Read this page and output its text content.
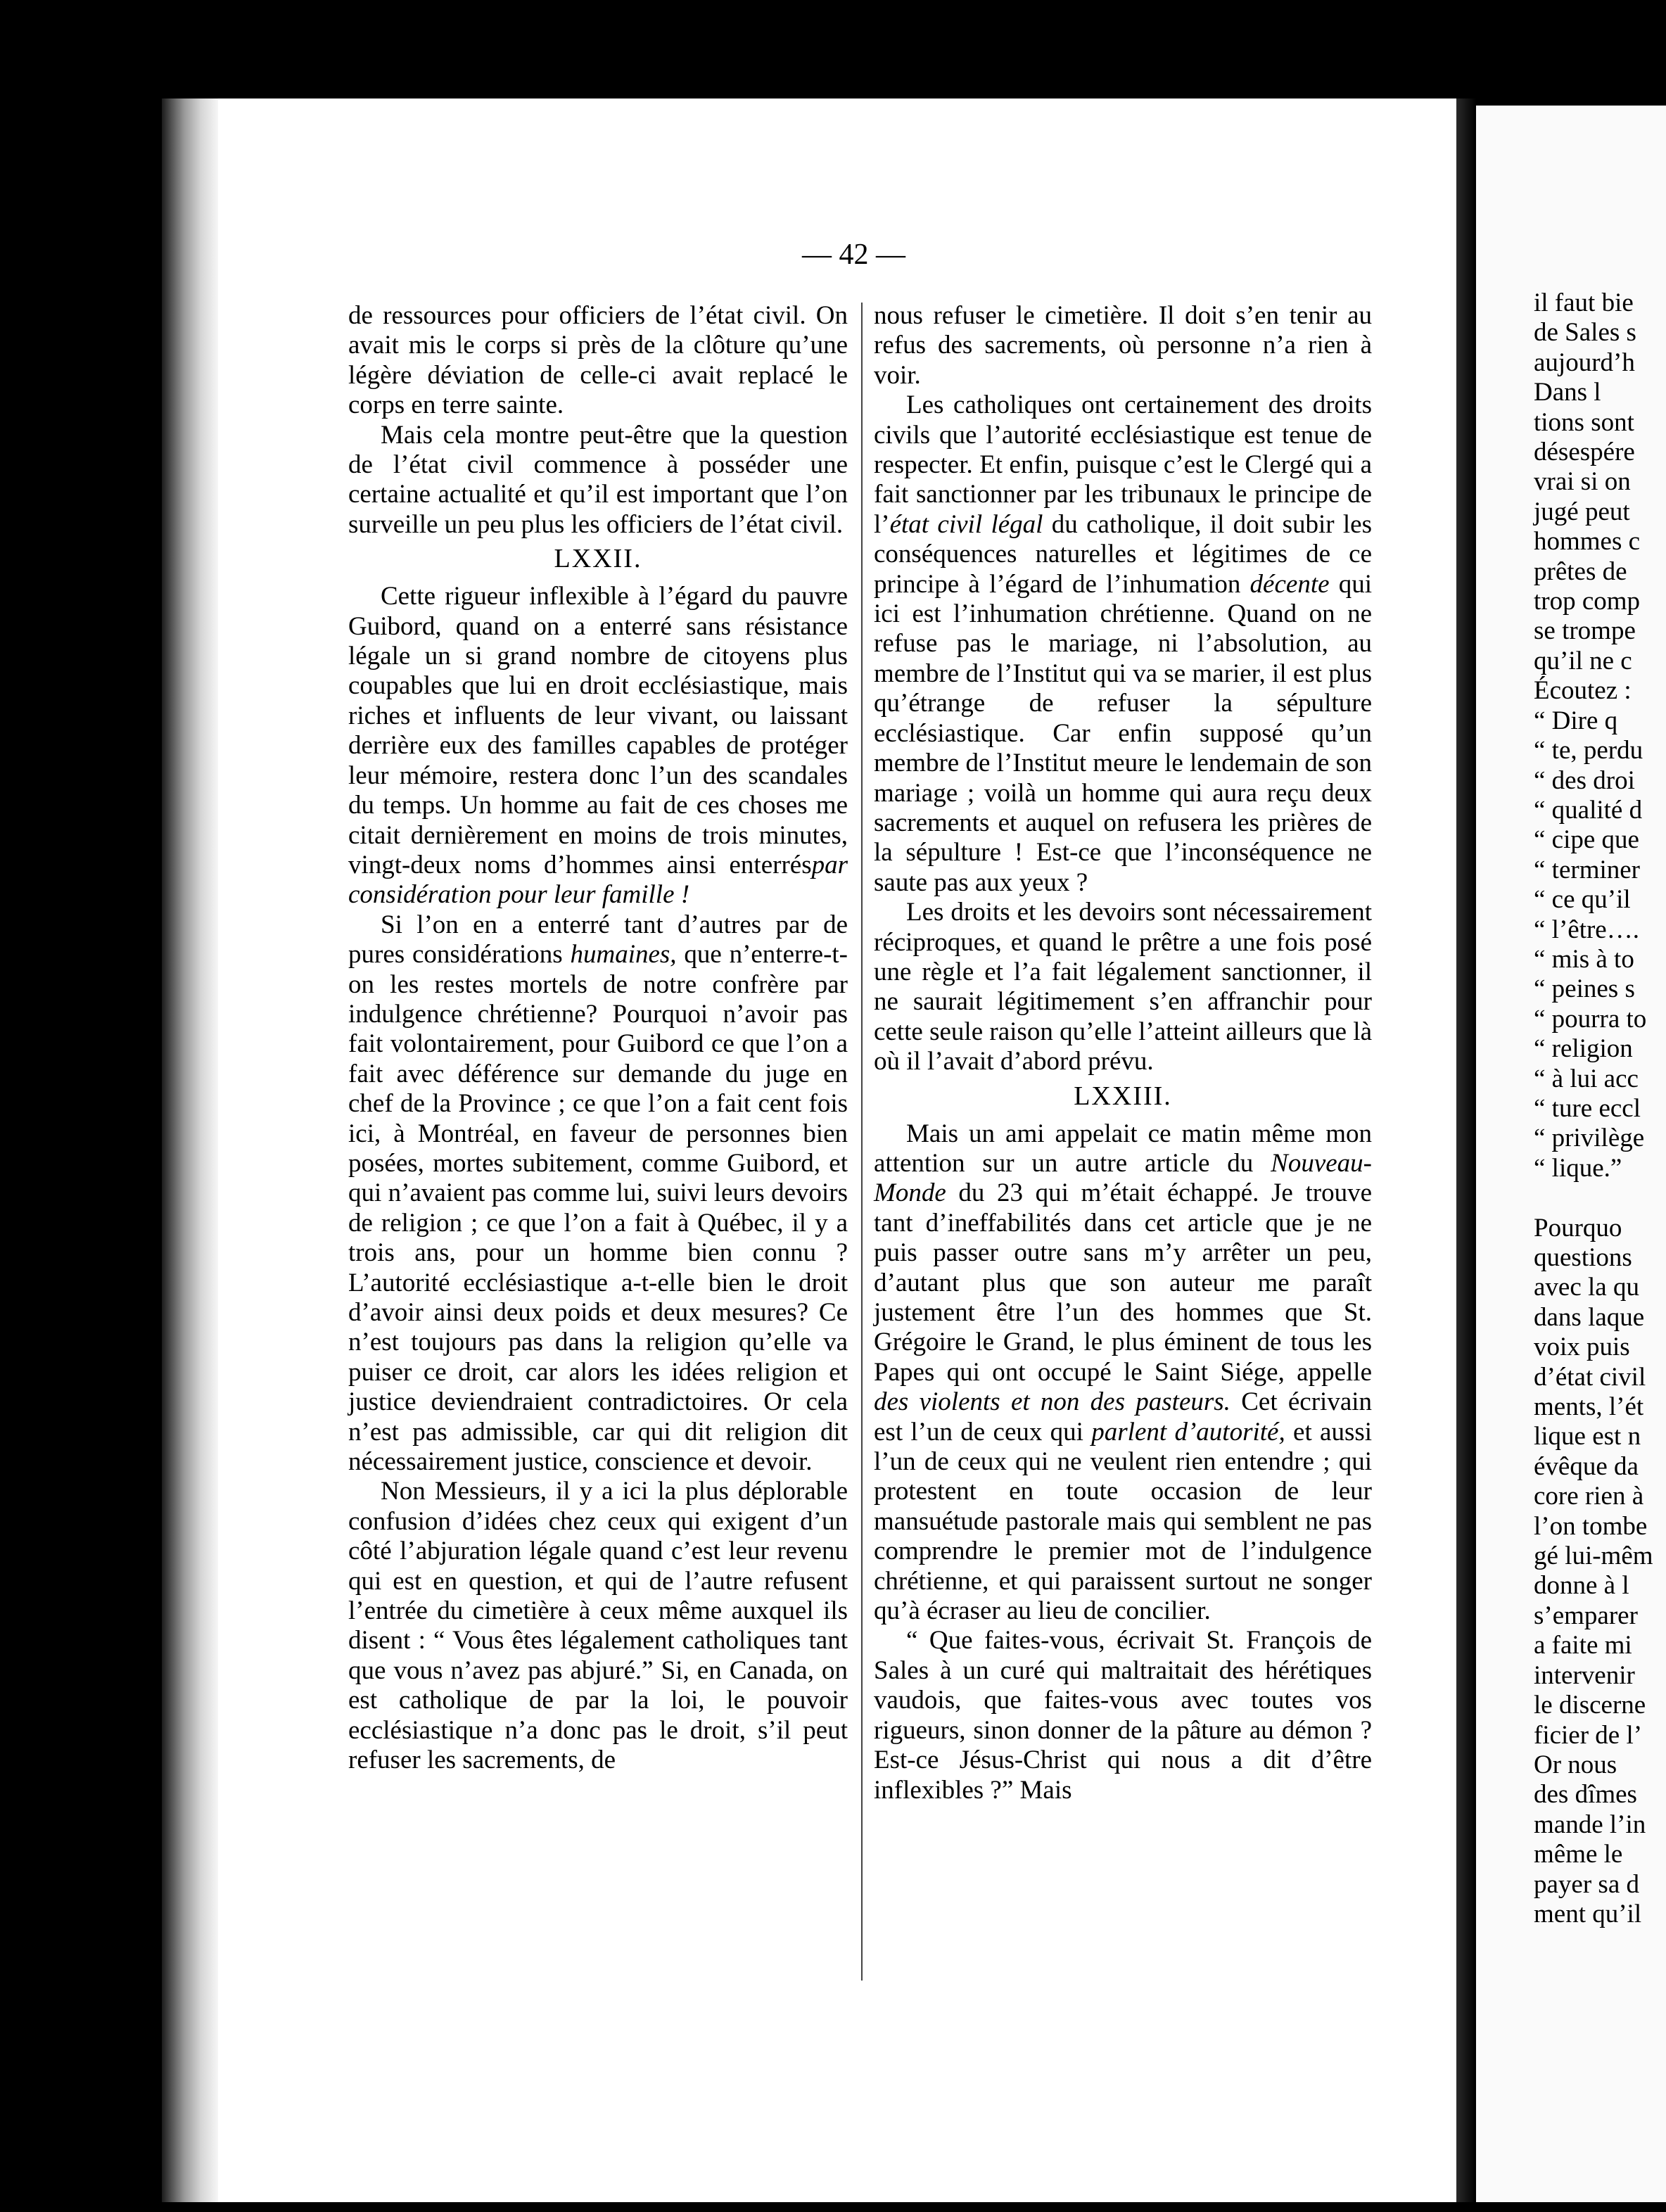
— 42 —

de ressources pour officiers de l’état civil. On avait mis le corps si près de la clôture qu’une légère déviation de celle-ci avait replacé le corps en terre sainte.

Mais cela montre peut-être que la question de l’état civil commence à posséder une certaine actualité et qu’il est important que l’on surveille un peu plus les officiers de l’état civil.

LXXII.

Cette rigueur inflexible à l’égard du pauvre Guibord, quand on a enterré sans résistance légale un si grand nombre de citoyens plus coupables que lui en droit ecclésiastique, mais riches et influents de leur vivant, ou laissant derrière eux des familles capables de protéger leur mémoire, restera donc l’un des scandales du temps. Un homme au fait de ces choses me citait dernièrement en moins de trois minutes, vingt-deux noms d’hommes ainsi enterréspar considération pour leur famille !

Si l’on en a enterré tant d’autres par de pures considérations humaines, que n’enterre-t-on les restes mortels de notre confrère par indulgence chrétienne? Pourquoi n’avoir pas fait volontairement, pour Guibord ce que l’on a fait avec déférence sur demande du juge en chef de la Province ; ce que l’on a fait cent fois ici, à Montréal, en faveur de personnes bien posées, mortes subitement, comme Guibord, et qui n’avaient pas comme lui, suivi leurs devoirs de religion ; ce que l’on a fait à Québec, il y a trois ans, pour un homme bien connu ? L’autorité ecclésiastique a-t-elle bien le droit d’avoir ainsi deux poids et deux mesures? Ce n’est toujours pas dans la religion qu’elle va puiser ce droit, car alors les idées religion et justice deviendraient contradictoires. Or cela n’est pas admissible, car qui dit religion dit nécessairement justice, conscience et devoir.

Non Messieurs, il y a ici la plus déplorable confusion d’idées chez ceux qui exigent d’un côté l’abjuration légale quand c’est leur revenu qui est en question, et qui de l’autre refusent l’entrée du cimetière à ceux même auxquel ils disent : “ Vous êtes légalement catholiques tant que vous n’avez pas abjuré.” Si, en Canada, on est catholique de par la loi, le pouvoir ecclésiastique n’a donc pas le droit, s’il peut refuser les sacrements, de

nous refuser le cimetière. Il doit s’en tenir au refus des sacrements, où personne n’a rien à voir.

Les catholiques ont certainement des droits civils que l’autorité ecclésiastique est tenue de respecter. Et enfin, puisque c’est le Clergé qui a fait sanctionner par les tribunaux le principe de l’état civil légal du catholique, il doit subir les conséquences naturelles et légitimes de ce principe à l’égard de l’inhumation décente qui ici est l’inhumation chrétienne. Quand on ne refuse pas le mariage, ni l’absolution, au membre de l’Institut qui va se marier, il est plus qu’étrange de refuser la sépulture ecclésiastique. Car enfin supposé qu’un membre de l’Institut meure le lendemain de son mariage ; voilà un homme qui aura reçu deux sacrements et auquel on refusera les prières de la sépulture ! Est-ce que l’inconséquence ne saute pas aux yeux ?

Les droits et les devoirs sont nécessairement réciproques, et quand le prêtre a une fois posé une règle et l’a fait légalement sanctionner, il ne saurait légitimement s’en affranchir pour cette seule raison qu’elle l’atteint ailleurs que là où il l’avait d’abord prévu.

LXXIII.

Mais un ami appelait ce matin même mon attention sur un autre article du Nouveau-Monde du 23 qui m’était échappé. Je trouve tant d’ineffabilités dans cet article que je ne puis passer outre sans m’y arrêter un peu, d’autant plus que son auteur me paraît justement être l’un des hommes que St. Grégoire le Grand, le plus éminent de tous les Papes qui ont occupé le Saint Siége, appelle des violents et non des pasteurs. Cet écrivain est l’un de ceux qui parlent d’autorité, et aussi l’un de ceux qui ne veulent rien entendre ; qui protestent en toute occasion de leur mansuétude pastorale mais qui semblent ne pas comprendre le premier mot de l’indulgence chrétienne, et qui paraissent surtout ne songer qu’à écraser au lieu de concilier.

“ Que faites-vous, écrivait St. François de Sales à un curé qui maltraitait des hérétiques vaudois, que faites-vous avec toutes vos rigueurs, sinon donner de la pâture au démon ? Est-ce Jésus-Christ qui nous a dit d’être inflexibles ?” Mais

il faut bie

de Sales s

aujourd’h

Dans l

tions sont

désespére

vrai si on

jugé peut

hommes c

prêtes de

trop comp

se trompe

qu’il ne c

Écoutez :

“ Dire q

“ te, perdu

“ des droi

“ qualité d

“ cipe que

“ terminer

“ ce qu’il

“ l’être….

“ mis à to

“ peines s

“ pourra to

“ religion

“ à lui acc

“ ture eccl

“ privilège

“ lique.”

Pourquo

questions

avec la qu

dans laque

voix puis

d’état civil

ments, l’ét

lique est n

évêque da

core rien à

l’on tombe

gé lui-mêm

donne à l

s’emparer

a faite mi

intervenir

le discerne

ficier de l’

Or nous

des dîmes

mande l’in

même le

payer sa d

ment qu’il
